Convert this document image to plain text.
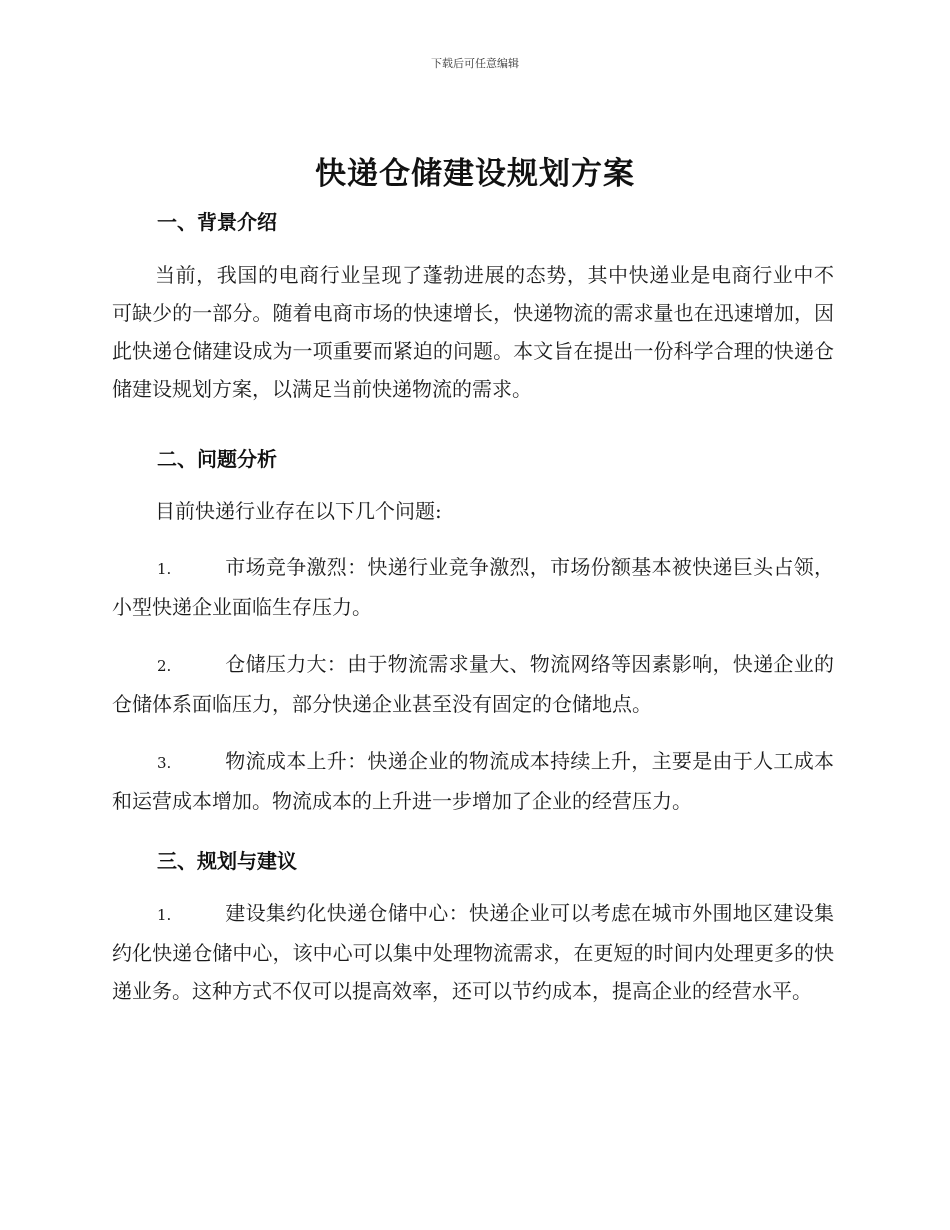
下载后可任意编辑
快递仓储建设规划方案
一、背景介绍
当前，我国的电商行业呈现了蓬勃进展的态势，其中快递业是电商行业中不可缺少的一部分。随着电商市场的快速增长，快递物流的需求量也在迅速增加，因此快递仓储建设成为一项重要而紧迫的问题。本文旨在提出一份科学合理的快递仓储建设规划方案，以满足当前快递物流的需求。
二、问题分析
目前快递行业存在以下几个问题:
1.	市场竞争激烈：快递行业竞争激烈，市场份额基本被快递巨头占领，小型快递企业面临生存压力。
2.	仓储压力大：由于物流需求量大、物流网络等因素影响，快递企业的仓储体系面临压力，部分快递企业甚至没有固定的仓储地点。
3.	物流成本上升：快递企业的物流成本持续上升，主要是由于人工成本和运营成本增加。物流成本的上升进一步增加了企业的经营压力。
三、规划与建议
1.	建设集约化快递仓储中心：快递企业可以考虑在城市外围地区建设集约化快递仓储中心，该中心可以集中处理物流需求，在更短的时间内处理更多的快递业务。这种方式不仅可以提高效率，还可以节约成本，提高企业的经营水平。
